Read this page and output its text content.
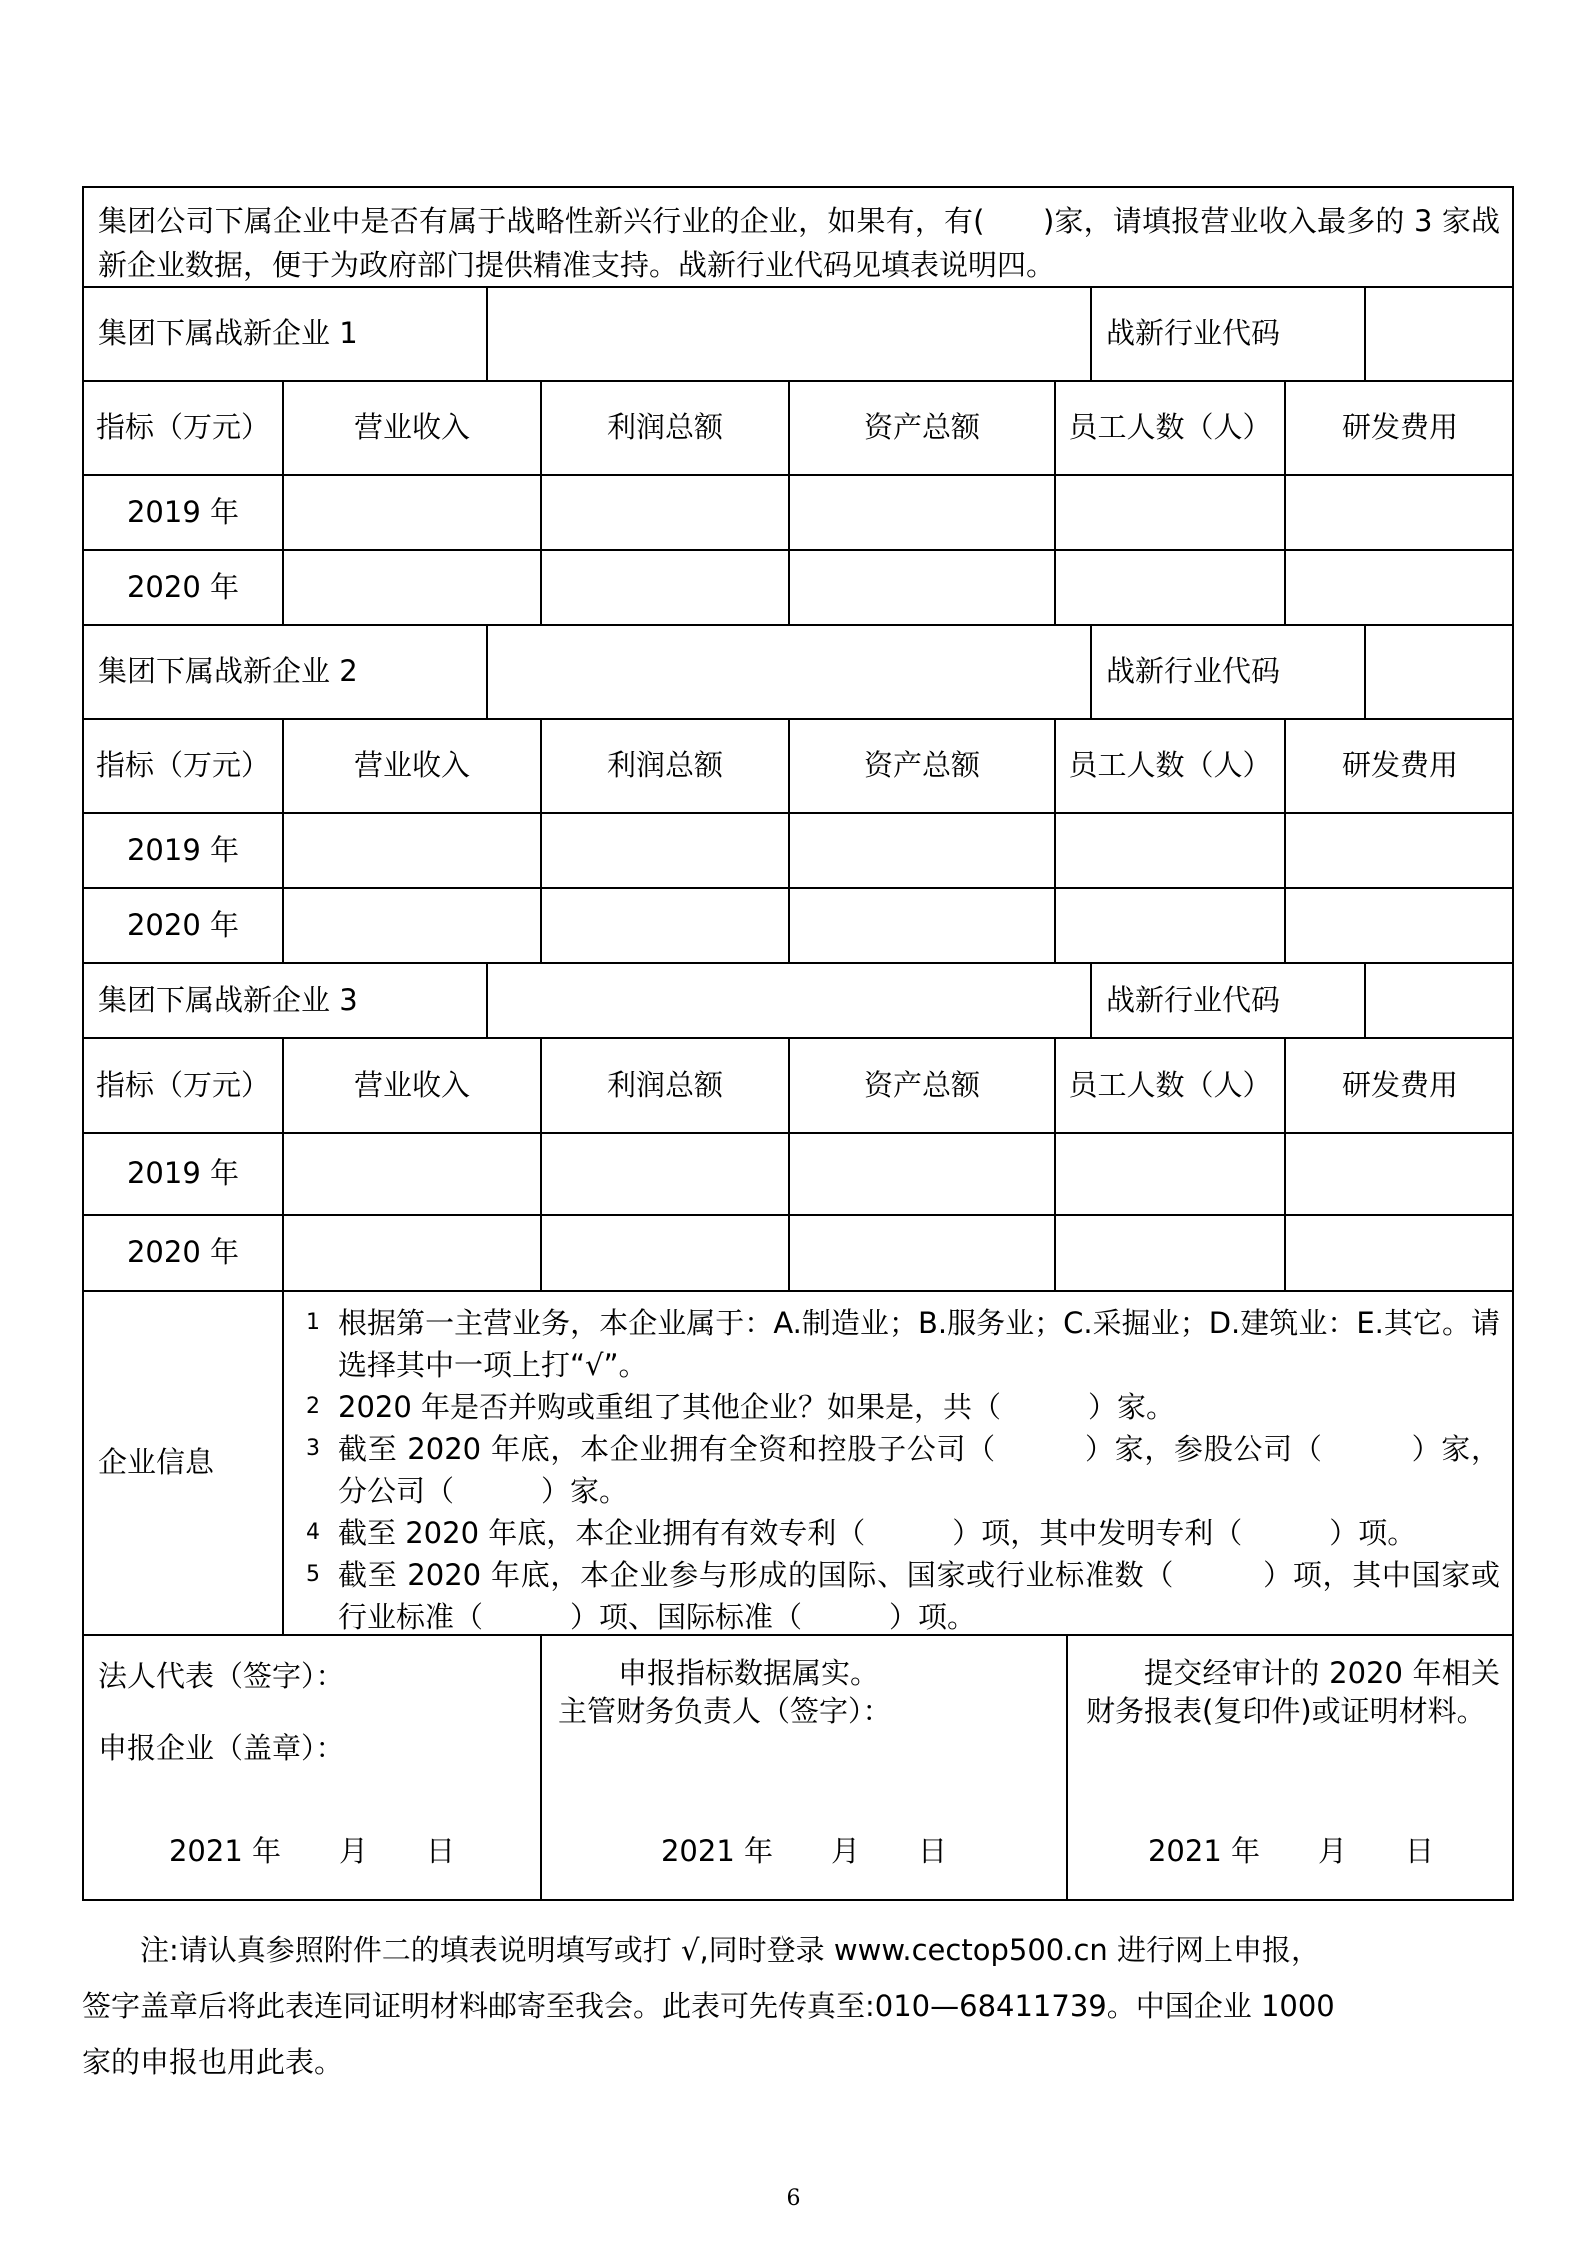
集团公司下属企业中是否有属于战略性新兴行业的企业，如果有，有(　　)家，请填报营业收入最多的 3 家战新企业数据，便于为政府部门提供精准支持。战新行业代码见填表说明四。
集团下属战新企业 1	战新行业代码
指标（万元）	营业收入	利润总额	资产总额	员工人数（人） 研发费用
2019 年
2020 年
集团下属战新企业 2	战新行业代码
指标（万元）	营业收入	利润总额	资产总额	员工人数（人） 研发费用
2019 年
2020 年
集团下属战新企业 3	战新行业代码
指标（万元）	营业收入	利润总额	资产总额	员工人数（人） 研发费用
2019 年
2020 年
企业信息
1 根据第一主营业务，本企业属于：A.制造业；B.服务业；C.采掘业；D.建筑业：E.其它。请选择其中一项上打“√”。
2 2020 年是否并购或重组了其他企业？如果是，共（　　　）家。
3 截至 2020 年底，本企业拥有全资和控股子公司（　　　）家，参股公司（　　　）家，分公司（　　　）家。
4 截至 2020 年底，本企业拥有有效专利（　　　）项，其中发明专利（　　　）项。
5 截至 2020 年底，本企业参与形成的国际、国家或行业标准数（　　　）项，其中国家或行业标准（　　　）项、国际标准（　　　）项。

法人代表（签字）：

申报企业（盖章）：

2021 年　　月　　日

申报指标数据属实。

主管财务负责人（签字）：

2021 年　　月　　日

提交经审计的 2020 年相关财务报表(复印件)或证明材料。

2021 年　　月　　日

注:请认真参照附件二的填表说明填写或打 √,同时登录 www.cectop500.cn 进行网上申报，

签字盖章后将此表连同证明材料邮寄至我会。此表可先传真至:010—68411739。中国企业 1000

家的申报也用此表。

6
